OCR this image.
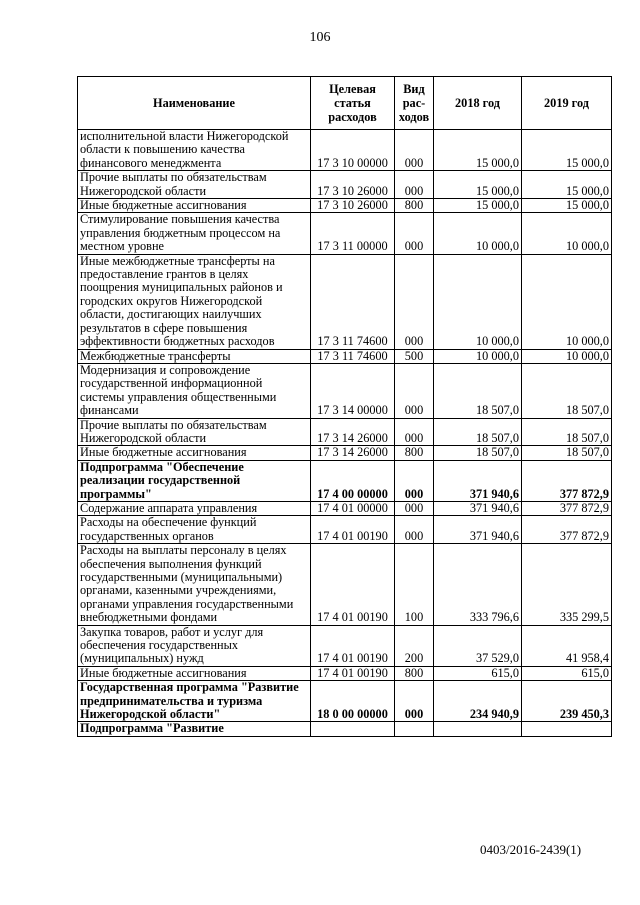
106
Наименование	Целевая статья расходов	Вид рас-ходов	2018 год	2019 год
исполнительной власти Нижегородской области к повышению качества финансового менеджмента	17 3 10 00000	000	15 000,0	15 000,0
Прочие выплаты по обязательствам Нижегородской области	17 3 10 26000	000	15 000,0	15 000,0
Иные бюджетные ассигнования	17 3 10 26000	800	15 000,0	15 000,0
Стимулирование повышения качества управления бюджетным процессом на местном уровне	17 3 11 00000	000	10 000,0	10 000,0
Иные межбюджетные трансферты на предоставление грантов в целях поощрения муниципальных районов и городских округов Нижегородской области, достигающих наилучших результатов в сфере повышения эффективности бюджетных расходов	17 3 11 74600	000	10 000,0	10 000,0
Межбюджетные трансферты	17 3 11 74600	500	10 000,0	10 000,0
Модернизация и сопровождение государственной информационной системы управления общественными финансами	17 3 14 00000	000	18 507,0	18 507,0
Прочие выплаты по обязательствам Нижегородской области	17 3 14 26000	000	18 507,0	18 507,0
Иные бюджетные ассигнования	17 3 14 26000	800	18 507,0	18 507,0
Подпрограмма "Обеспечение реализации государственной программы"	17 4 00 00000	000	371 940,6	377 872,9
Содержание аппарата управления	17 4 01 00000	000	371 940,6	377 872,9
Расходы на обеспечение функций государственных органов	17 4 01 00190	000	371 940,6	377 872,9
Расходы на выплаты персоналу в целях обеспечения выполнения функций государственными (муниципальными) органами, казенными учреждениями, органами управления государственными внебюджетными фондами	17 4 01 00190	100	333 796,6	335 299,5
Закупка товаров, работ и услуг для обеспечения государственных (муниципальных) нужд	17 4 01 00190	200	37 529,0	41 958,4
Иные бюджетные ассигнования	17 4 01 00190	800	615,0	615,0
Государственная программа "Развитие предпринимательства и туризма Нижегородской области"	18 0 00 00000	000	234 940,9	239 450,3
Подпрограмма "Развитие				
0403/2016-2439(1)
